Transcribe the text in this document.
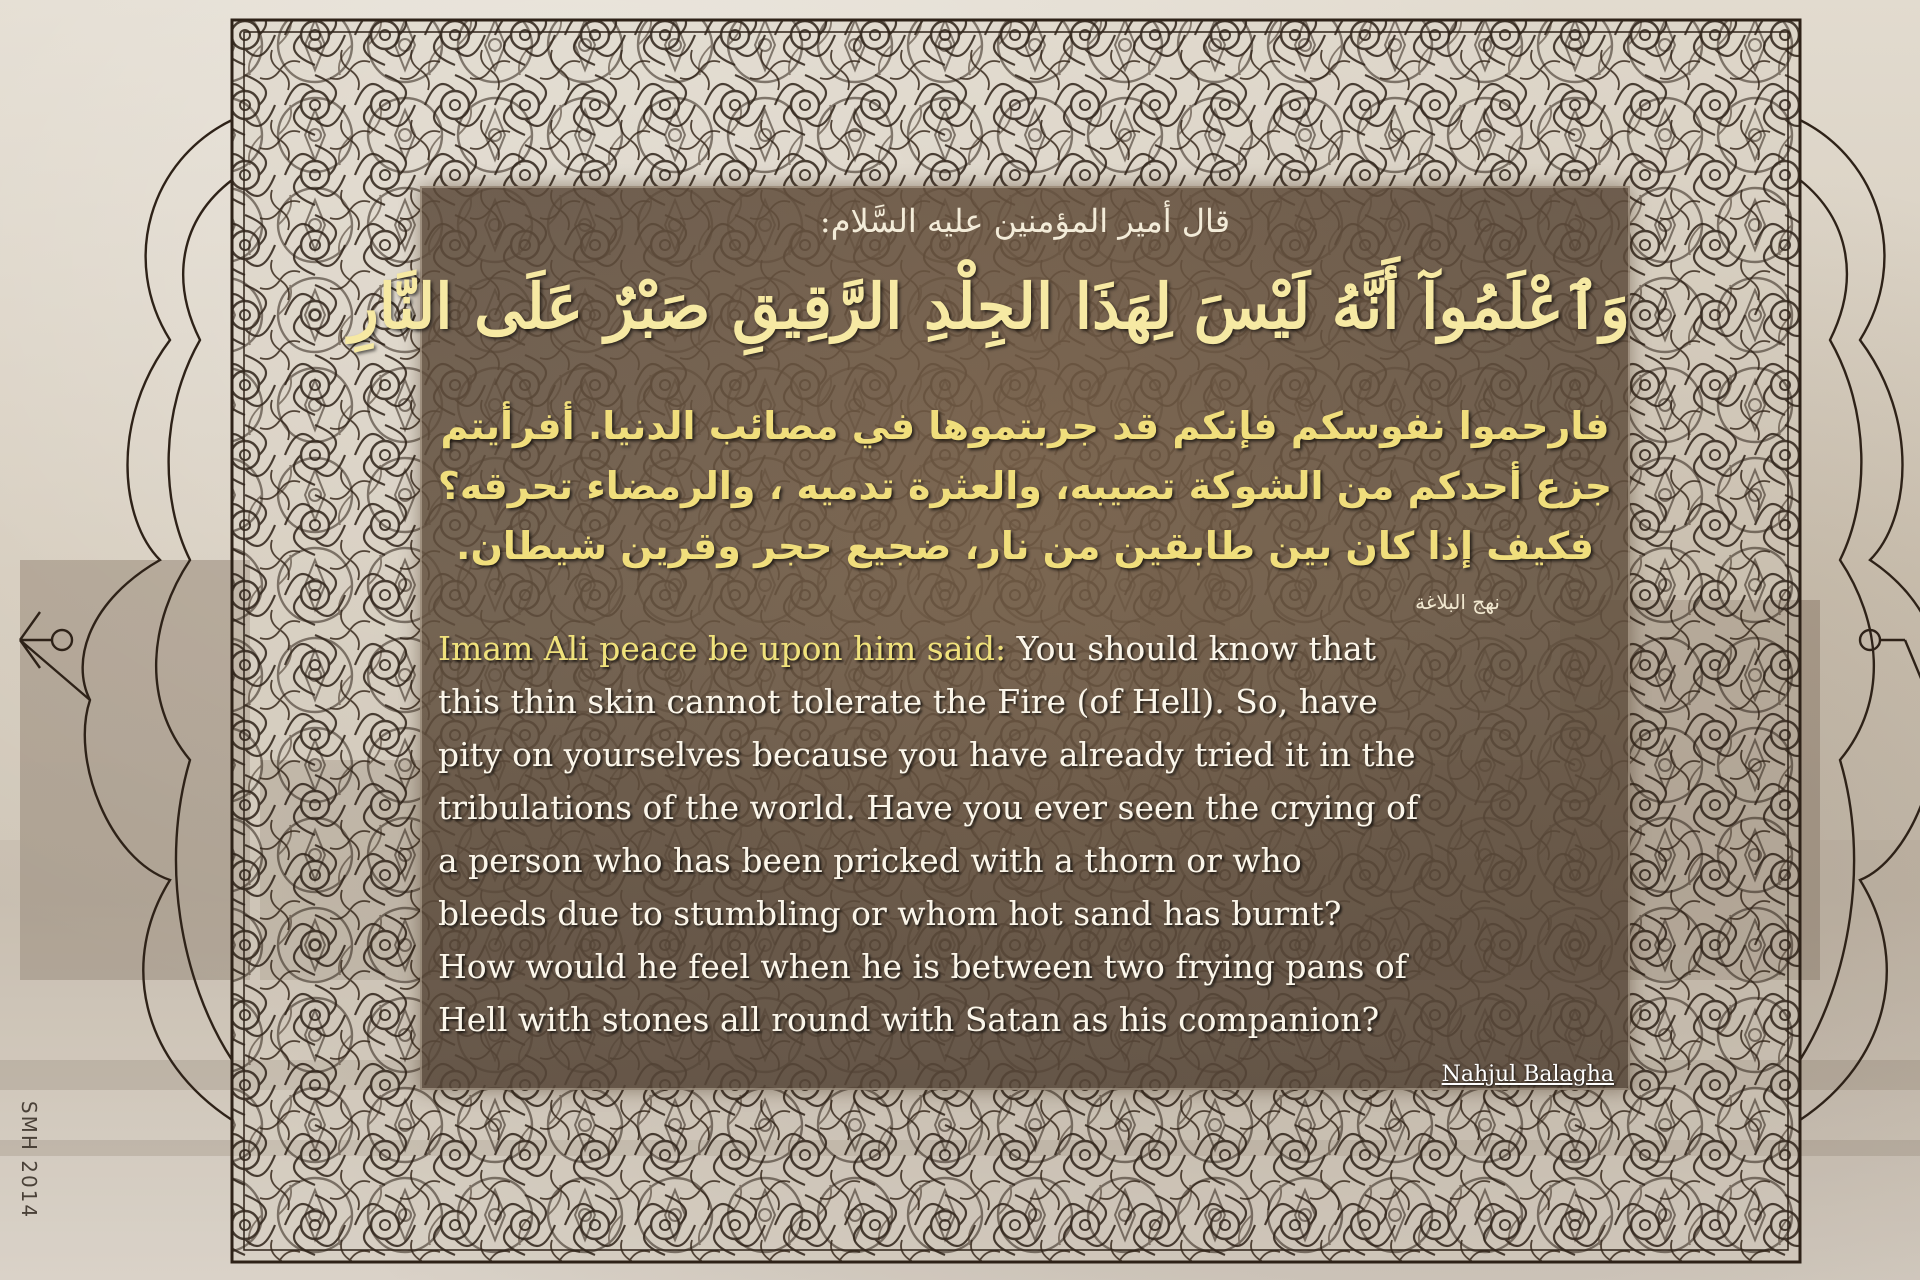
قال أمير المؤمنين عليه السَّلام:
وَٱعْلَمُوآ أَنَّهُ لَيْسَ لِهَذَا الجِلْدِ الرَّقِيقِ صَبْرٌ عَلَى النَّارِ
فارحموا نفوسكم فإنكم قد جربتموها في مصائب الدنيا. أفرأيتم
جزع أحدكم من الشوكة تصيبه، والعثرة تدميه ، والرمضاء تحرقه؟
فكيف إذا كان بين طابقين من نار، ضجيع حجر وقرين شيطان.
نهج البلاغة
Imam Ali peace be upon him said: You should know that
this thin skin cannot tolerate the Fire (of Hell). So, have
pity on yourselves because you have already tried it in the
tribulations of the world. Have you ever seen the crying of
a person who has been pricked with a thorn or who
bleeds due to stumbling or whom hot sand has burnt?
How would he feel when he is between two frying pans of
Hell with stones all round with Satan as his companion?
Nahjul Balagha
SMH 2014
